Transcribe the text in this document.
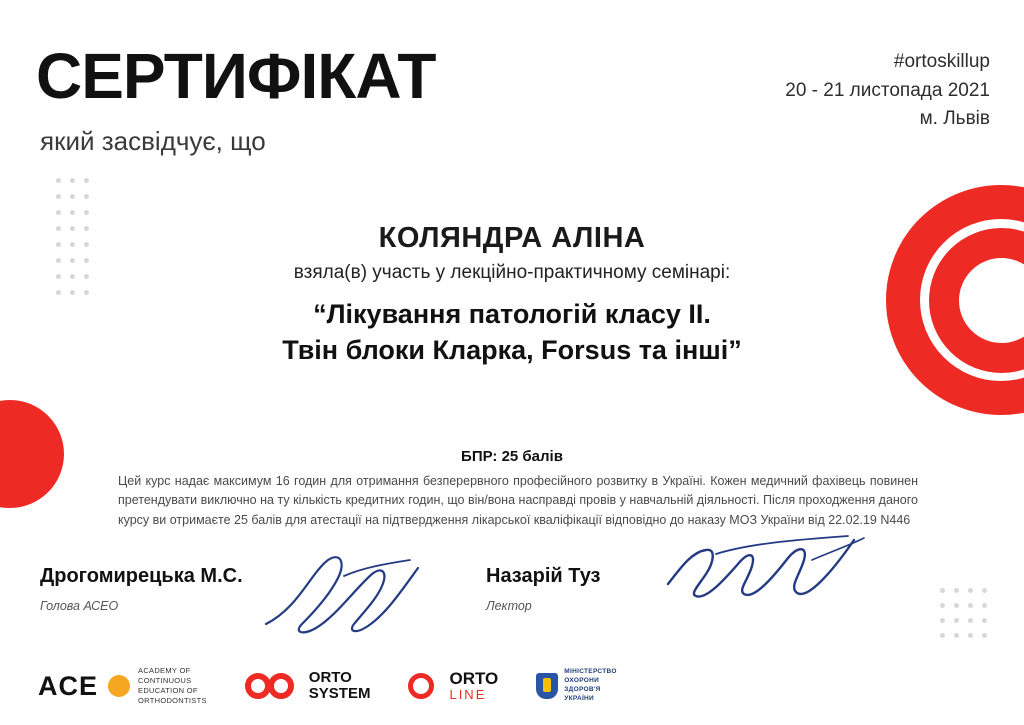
СЕРТИФІКАТ
який засвідчує, що
#ortoskillup
20 - 21 листопада 2021
м. Львів
КОЛЯНДРА АЛІНА
взяла(в) участь у лекційно-практичному семінарі:
“Лікування патологій класу II.
Твін блоки Кларка, Forsus та інші”
БПР: 25 балів
Цей курс надає максимум 16 годин для отримання безперервного професійного розвитку в Україні. Кожен медичний фахівець повинен претендувати виключно на ту кількість кредитних годин, що він/вона насправді провів у навчальній діяльності. Після проходження даного курсу ви отримаєте 25 балів для атестації на підтвердження лікарської кваліфікації відповідно до наказу МОЗ України від 22.02.19 N446
Дрогомирецька М.С.
Голова АСЕО
Назарій Туз
Лектор
ACE
ACADEMY OF
CONTINUOUS
EDUCATION OF
ORTHODONTISTS
ORTO
SYSTEM
ORTO
LINE
МІНІСТЕРСТВО
ОХОРОНИ
ЗДОРОВ'Я
УКРАЇНИ
